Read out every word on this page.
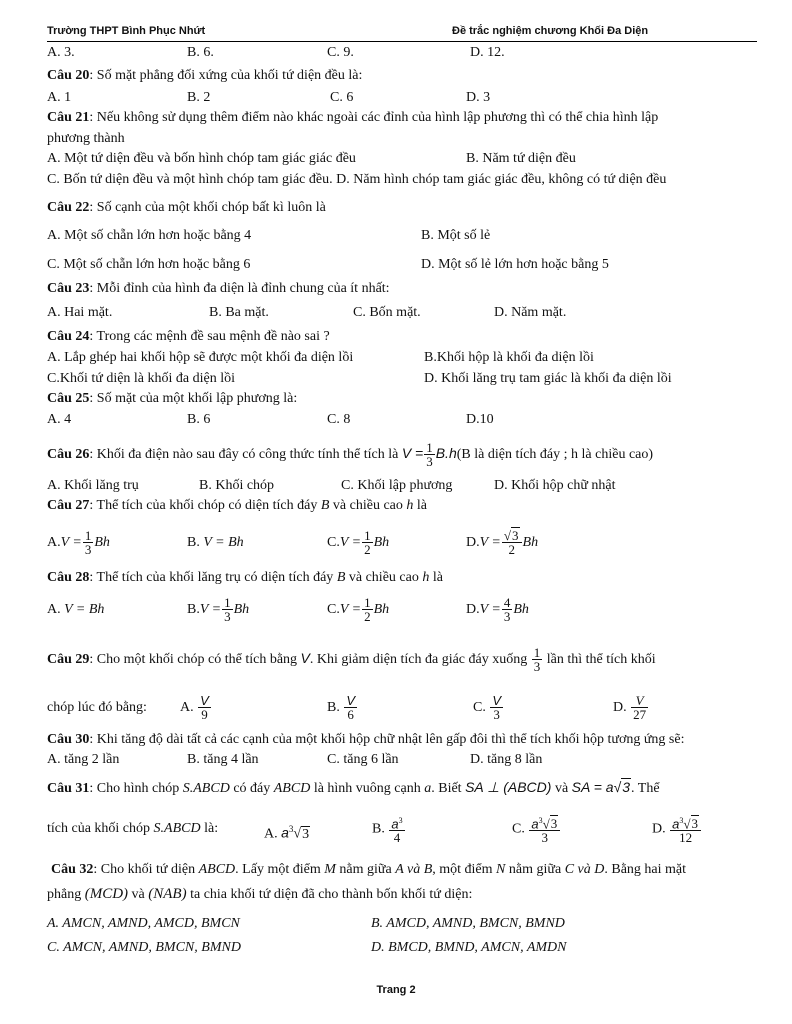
Trường THPT Bình Phục Nhứt	Đề trắc nghiệm chương Khối Đa Diện
A. 3.	B. 6.	C. 9.	D. 12.
Câu 20: Số mặt phẳng đối xứng của khối tứ diện đều là:
A. 1	B. 2	C. 6	D. 3
Câu 21: Nếu không sử dụng thêm điểm nào khác ngoài các đỉnh của hình lập phương thì có thể chia hình lập
phương thành
A. Một tứ diện đều và bốn hình chóp tam giác giác đều	B. Năm tứ diện đều
C. Bốn tứ diện đều và một hình chóp tam giác đều. D. Năm hình chóp tam giác giác đều, không có tứ diện đều
Câu 22: Số cạnh của một khối chóp bất kì luôn là
A. Một số chẵn lớn hơn hoặc bằng 4	B. Một số lẻ
C. Một số chẵn lớn hơn hoặc bằng 6	D. Một số lẻ lớn hơn hoặc bằng 5
Câu 23: Mỗi đỉnh của hình đa diện là đỉnh chung của ít nhất:
A. Hai mặt.	B. Ba mặt.	C. Bốn mặt.	D. Năm mặt.
Câu 24: Trong các mệnh đề sau mệnh đề nào sai ?
A. Lắp ghép hai khối hộp sẽ được một khối đa diện lồi	B.Khối hộp là khối đa diện lồi
C.Khối tứ diện là khối đa diện lồi	D. Khối lăng trụ tam giác là khối đa diện lồi
Câu 25: Số mặt của một khối lập phương là:
A. 4	B. 6	C. 8	D.10
Câu 26: Khối đa điện nào sau đây có công thức tính thể tích là $V = \frac{1}{3} B.h(B$ là diện tích đáy ; h là chiều cao)
A. Khối lăng trụ	B. Khối chóp	C. Khối lập phương	D. Khối hộp chữ nhật
Câu 27: Thể tích của khối chóp có diện tích đáy B và chiều cao h là
$A.V = \frac{1}{3}$ Bh	B. V = Bh	$C.V = \frac{1}{2}$ Bh	$D.V = \frac{√3}{2}$ Bh
Câu 28: Thể tích của khối lăng trụ có diện tích đáy B và chiều cao h là
A. V = Bh	$B.V = \frac{1}{3}$ Bh	$C.V = \frac{1}{2}$ Bh	$D.V = \frac{4}{3}$ Bh
Câu 29: Cho một khối chóp có thể tích bằng V. Khi giảm diện tích đa giác đáy xuống $\frac{1}{3}$ lần thì thể tích khối
chóp lúc đó bằng: A. $\frac{V}{9}$	B. $\frac{V}{6}$	C. $\frac{V}{3}$	D. $\frac{V}{27}$
Câu 30: Khi tăng độ dài tất cả các cạnh của một khối hộp chữ nhật lên gấp đôi thì thể tích khối hộp tương ứng sẽ:
A. tăng 2 lần	B. tăng 4 lần	C. tăng 6 lần	D. tăng 8 lần
Câu 31: Cho hình chóp S.ABCD có đáy ABCD là hình vuông cạnh a. Biết SA ⊥ (ABCD) và SA = a√3. Thể
tích của khối chóp S.ABCD là:	A. $a^3√3$	B. $\frac{a^3}{4}$	C. $\frac{a^3√3}{3}$	D. $\frac{a^3√3}{12}$
Câu 32: Cho khối tứ diện ABCD. Lấy một điểm M nằm giữa A và B, một điểm N nằm giữa C và D. Bằng hai mặt
phẳng (MCD) và (NAB) ta chia khối tứ diện đã cho thành bốn khối tứ diện:
A. AMCN, AMND, AMCD, BMCN	B. AMCD, AMND, BMCN, BMND
C. AMCN, AMND, BMCN, BMND	D. BMCD, BMND, AMCN, AMDN
Trang 2
